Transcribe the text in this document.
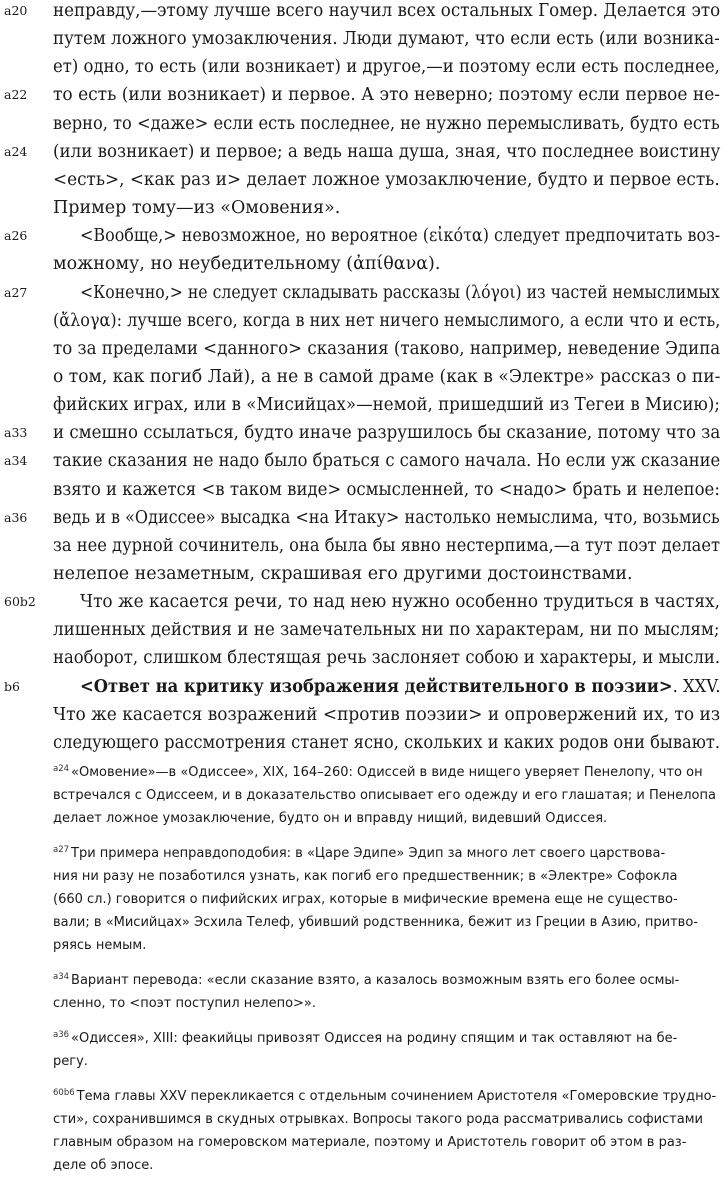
a20	неправду,—этому лучше всего научил всех остальных Гомер. Делается это
путем ложного умозаключения. Люди думают, что если есть (или возника-
ет) одно, то есть (или возникает) и другое,—и поэтому если есть последнее,
a22	то есть (или возникает) и первое. А это неверно; поэтому если первое не-
верно, то <даже> если есть последнее, не нужно перемысливать, будто есть
a24	(или возникает) и первое; а ведь наша душа, зная, что последнее воистину
<есть>, <как раз и> делает ложное умозаключение, будто и первое есть.
Пример тому—из «Омовения».
a26	<Вообще,> невозможное, но вероятное (εἰκότα) следует предпочитать воз-
можному, но неубедительному (ἀπίθανα).
a27	<Конечно,> не следует складывать рассказы (λόγοι) из частей немыслимых
(ἄλογα): лучше всего, когда в них нет ничего немыслимого, а если что и есть,
то за пределами <данного> сказания (таково, например, неведение Эдипа
о том, как погиб Лай), а не в самой драме (как в «Электре» рассказ о пи-
фийских играх, или в «Мисийцах»—немой, пришедший из Тегеи в Мисию);
a33	и смешно ссылаться, будто иначе разрушилось бы сказание, потому что за
a34	такие сказания не надо было браться с самого начала. Но если уж сказание
взято и кажется <в таком виде> осмысленней, то <надо> брать и нелепое:
a36	ведь и в «Одиссее» высадка <на Итаку> настолько немыслима, что, возьмись
за нее дурной сочинитель, она была бы явно нестерпима,—а тут поэт делает
нелепое незаметным, скрашивая его другими достоинствами.
60b2	Что же касается речи, то над нею нужно особенно трудиться в частях,
лишенных действия и не замечательных ни по характерам, ни по мыслям;
наоборот, слишком блестящая речь заслоняет собою и характеры, и мысли.
b6	<Ответ на критику изображения действительного в поэзии>. XXV.
Что же касается возражений <против поэзии> и опровержений их, то из
следующего рассмотрения станет ясно, скольких и каких родов они бывают.
$^{a24}$ «Омовение»—в «Одиссее», XIX, 164–260: Одиссей в виде нищего уверяет Пенелопу, что он
встречался с Одиссеем, и в доказательство описывает его одежду и его глашатая; и Пенелопа
делает ложное умозаключение, будто он и вправду нищий, видевший Одиссея.
$^{a27}$ Три примера неправдоподобия: в «Царе Эдипе» Эдип за много лет своего царствова-
ния ни разу не позаботился узнать, как погиб его предшественник; в «Электре» Софокла
(660 сл.) говорится о пифийских играх, которые в мифические времена еще не существо-
вали; в «Мисийцах» Эсхила Телеф, убивший родственника, бежит из Греции в Азию, притво-
ряясь немым.
$^{a34}$ Вариант перевода: «если сказание взято, а казалось возможным взять его более осмы-
сленно, то <поэт поступил нелепо>».
$^{a36}$ «Одиссея», XIII: феакийцы привозят Одиссея на родину спящим и так оставляют на бе-
регу.
$^{60b6}$ Тема главы XXV перекликается с отдельным сочинением Аристотеля «Гомеровские трудно-
сти», сохранившимся в скудных отрывках. Вопросы такого рода рассматривались софистами
главным образом на гомеровском материале, поэтому и Аристотель говорит об этом в раз-
деле об эпосе.
